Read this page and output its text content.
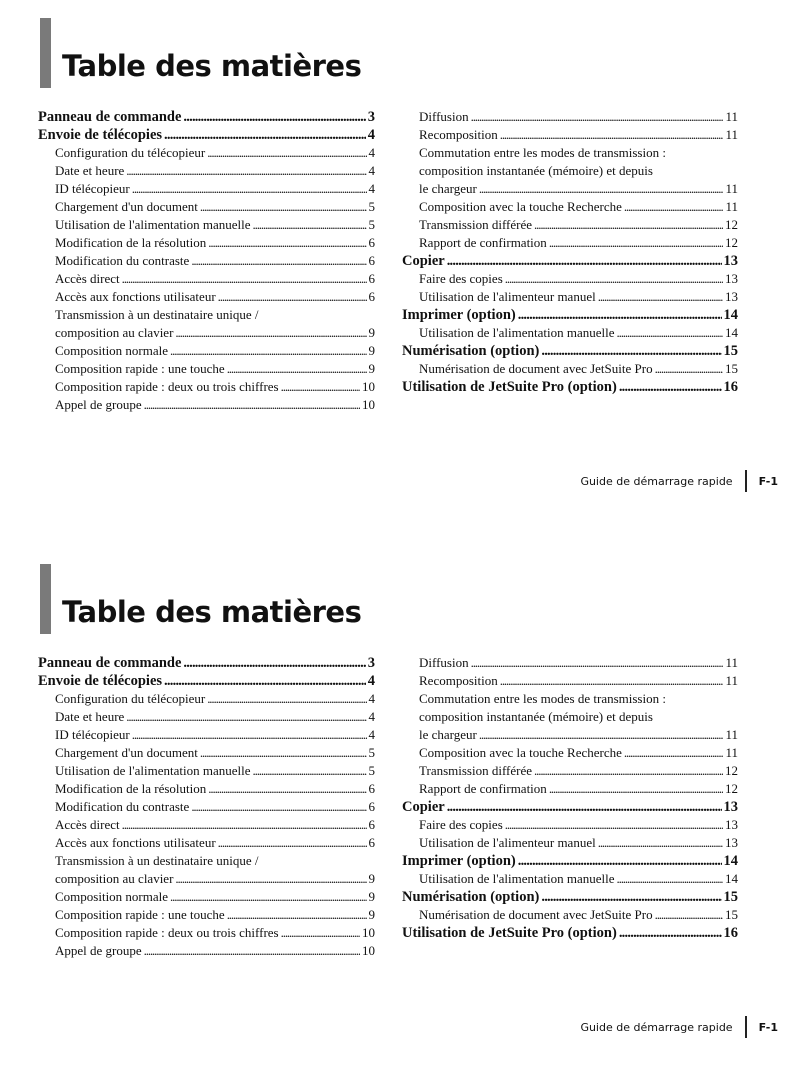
Table des matières
Panneau de commande . . .	3
Envoie de télécopies . . .	4
Configuration du télécopieur . . .	4
Date et heure . . .	4
ID télécopieur . . .	4
Chargement d'un document . . .	5
Utilisation de l'alimentation manuelle . . .	5
Modification de la résolution . . .	6
Modification du contraste . . .	6
Accès direct . . .	6
Accès aux fonctions utilisateur . . .	6
Transmission à un destinataire unique /
composition au clavier . . .	9
Composition normale . . .	9
Composition rapide : une touche . . .	9
Composition rapide : deux ou trois chiffres . . .	10
Appel de groupe . . .	10
Diffusion . . .	11
Recomposition . . .	11
Commutation entre les modes de transmission :
composition instantanée (mémoire) et depuis
le chargeur . . .	11
Composition avec la touche Recherche . . .	11
Transmission différée . . .	12
Rapport de confirmation . . .	12
Copier . . .	13
Faire des copies . . .	13
Utilisation de l'alimenteur manuel . . .	13
Imprimer (option) . . .	14
Utilisation de l'alimentation manuelle . . .	14
Numérisation (option) . . .	15
Numérisation de document avec JetSuite Pro . . .	15
Utilisation de JetSuite Pro (option) . . .	16
Guide de démarrage rapide F-1
Table des matières
Panneau de commande . . .	3
Envoie de télécopies . . .	4
Configuration du télécopieur . . .	4
Date et heure . . .	4
ID télécopieur . . .	4
Chargement d'un document . . .	5
Utilisation de l'alimentation manuelle . . .	5
Modification de la résolution . . .	6
Modification du contraste . . .	6
Accès direct . . .	6
Accès aux fonctions utilisateur . . .	6
Transmission à un destinataire unique /
composition au clavier . . .	9
Composition normale . . .	9
Composition rapide : une touche . . .	9
Composition rapide : deux ou trois chiffres . . .	10
Appel de groupe . . .	10
Diffusion . . .	11
Recomposition . . .	11
Commutation entre les modes de transmission :
composition instantanée (mémoire) et depuis
le chargeur . . .	11
Composition avec la touche Recherche . . .	11
Transmission différée . . .	12
Rapport de confirmation . . .	12
Copier . . .	13
Faire des copies . . .	13
Utilisation de l'alimenteur manuel . . .	13
Imprimer (option) . . .	14
Utilisation de l'alimentation manuelle . . .	14
Numérisation (option) . . .	15
Numérisation de document avec JetSuite Pro . . .	15
Utilisation de JetSuite Pro (option) . . .	16
Guide de démarrage rapide F-1
